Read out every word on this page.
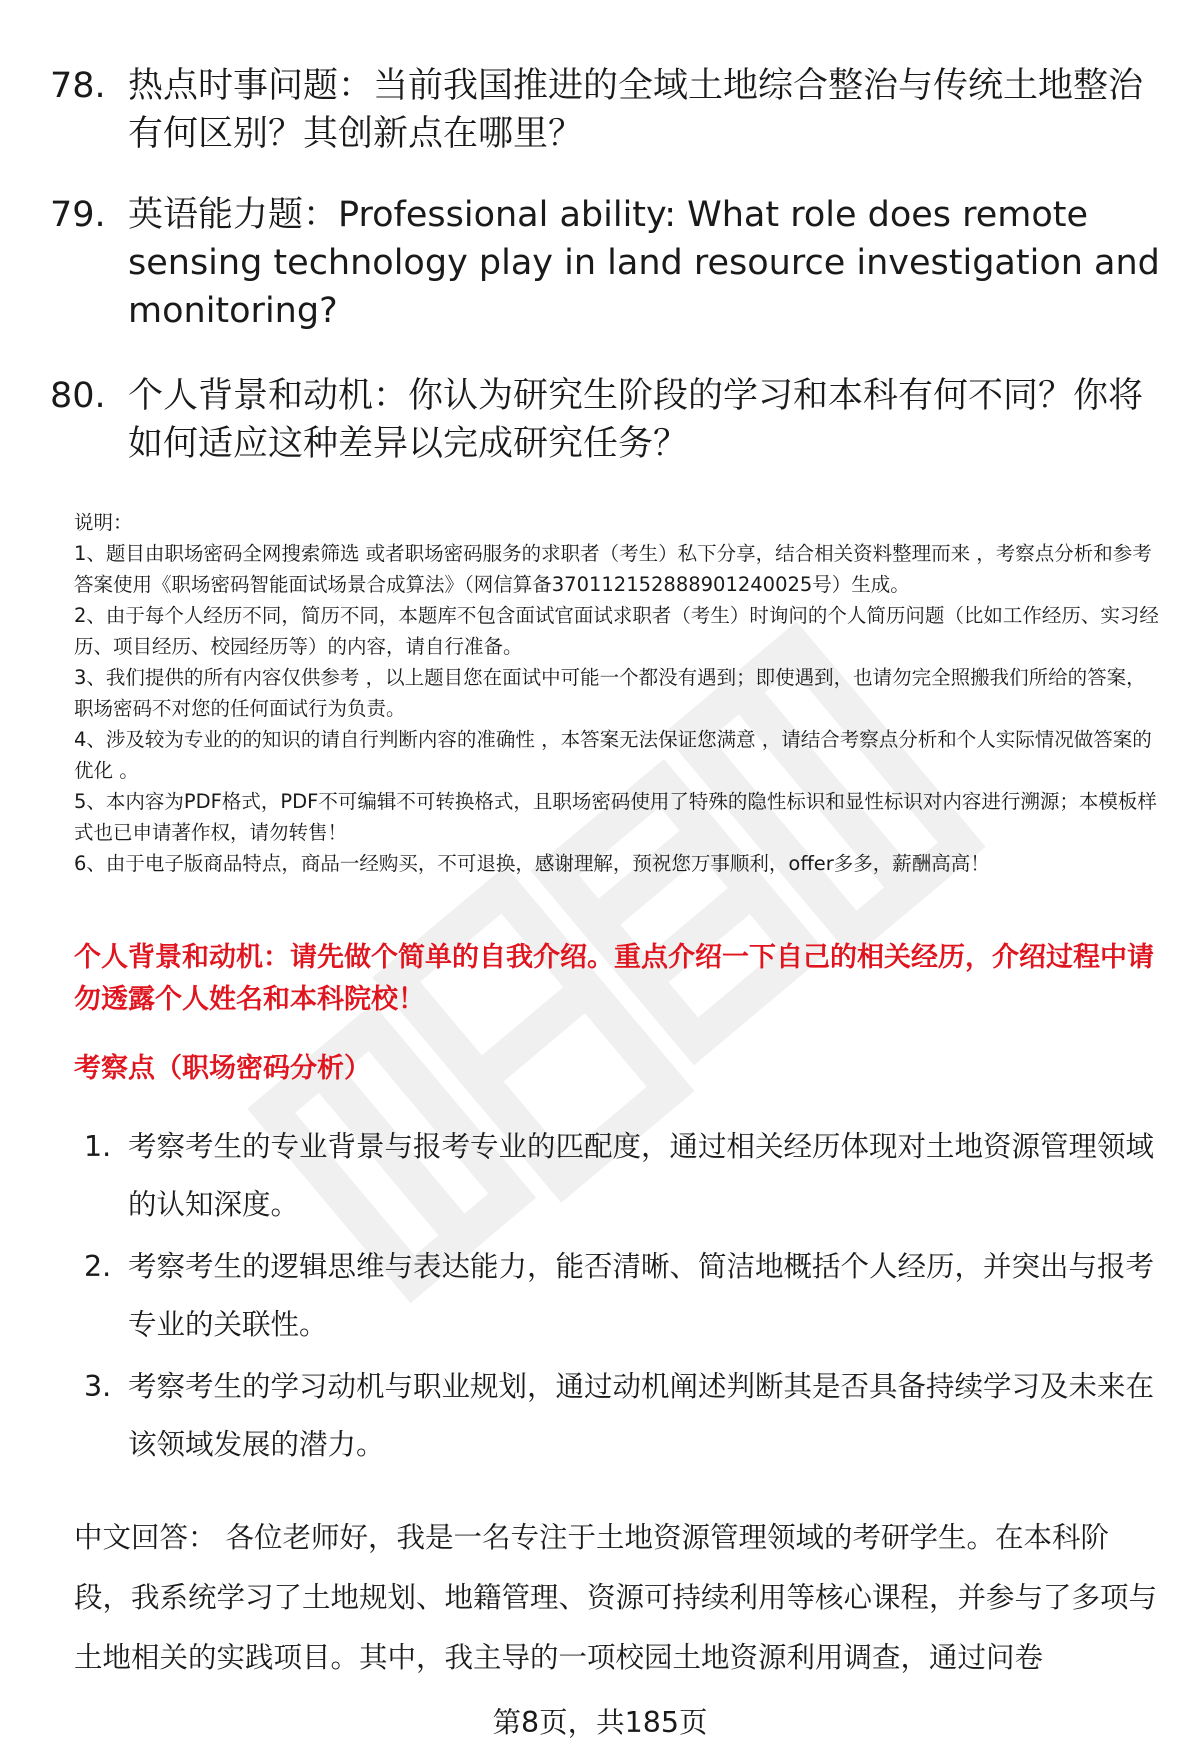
78. 热点时事问题：当前我国推进的全域土地综合整治与传统土地整治有何区别？其创新点在哪里？
79. 英语能力题：Professional ability: What role does remote sensing technology play in land resource investigation and monitoring?
80. 个人背景和动机：你认为研究生阶段的学习和本科有何不同？你将如何适应这种差异以完成研究任务？

说明：

1、题目由职场密码全网搜索筛选 或者职场密码服务的求职者（考生）私下分享，结合相关资料整理而来 ，考察点分析和参考答案使用《职场密码智能面试场景合成算法》（网信算备370112152888901240025号）生成。

2、由于每个人经历不同，简历不同，本题库不包含面试官面试求职者（考生）时询问的个人简历问题（比如工作经历、实习经历、项目经历、校园经历等）的内容，请自行准备。

3、我们提供的所有内容仅供参考 ，以上题目您在面试中可能一个都没有遇到；即使遇到，也请勿完全照搬我们所给的答案，职场密码不对您的任何面试行为负责。

4、涉及较为专业的的知识的请自行判断内容的准确性 ，本答案无法保证您满意 ，请结合考察点分析和个人实际情况做答案的优化 。

5、本内容为PDF格式，PDF不可编辑不可转换格式，且职场密码使用了特殊的隐性标识和显性标识对内容进行溯源；本模板样式也已申请著作权，请勿转售！

6、由于电子版商品特点，商品一经购买，不可退换，感谢理解，预祝您万事顺利，offer多多，薪酬高高！

个人背景和动机：请先做个简单的自我介绍。重点介绍一下自己的相关经历，介绍过程中请勿透露个人姓名和本科院校！
考察点（职场密码分析）
1. 考察考生的专业背景与报考专业的匹配度，通过相关经历体现对土地资源管理领域的认知深度。
2. 考察考生的逻辑思维与表达能力，能否清晰、简洁地概括个人经历，并突出与报考专业的关联性。
3. 考察考生的学习动机与职业规划，通过动机阐述判断其是否具备持续学习及未来在该领域发展的潜力。
中文回答： 各位老师好，我是一名专注于土地资源管理领域的考研学生。在本科阶段，我系统学习了土地规划、地籍管理、资源可持续利用等核心课程，并参与了多项与土地相关的实践项目。其中，我主导的一项校园土地资源利用调查，通过问卷
第8页，共185页
